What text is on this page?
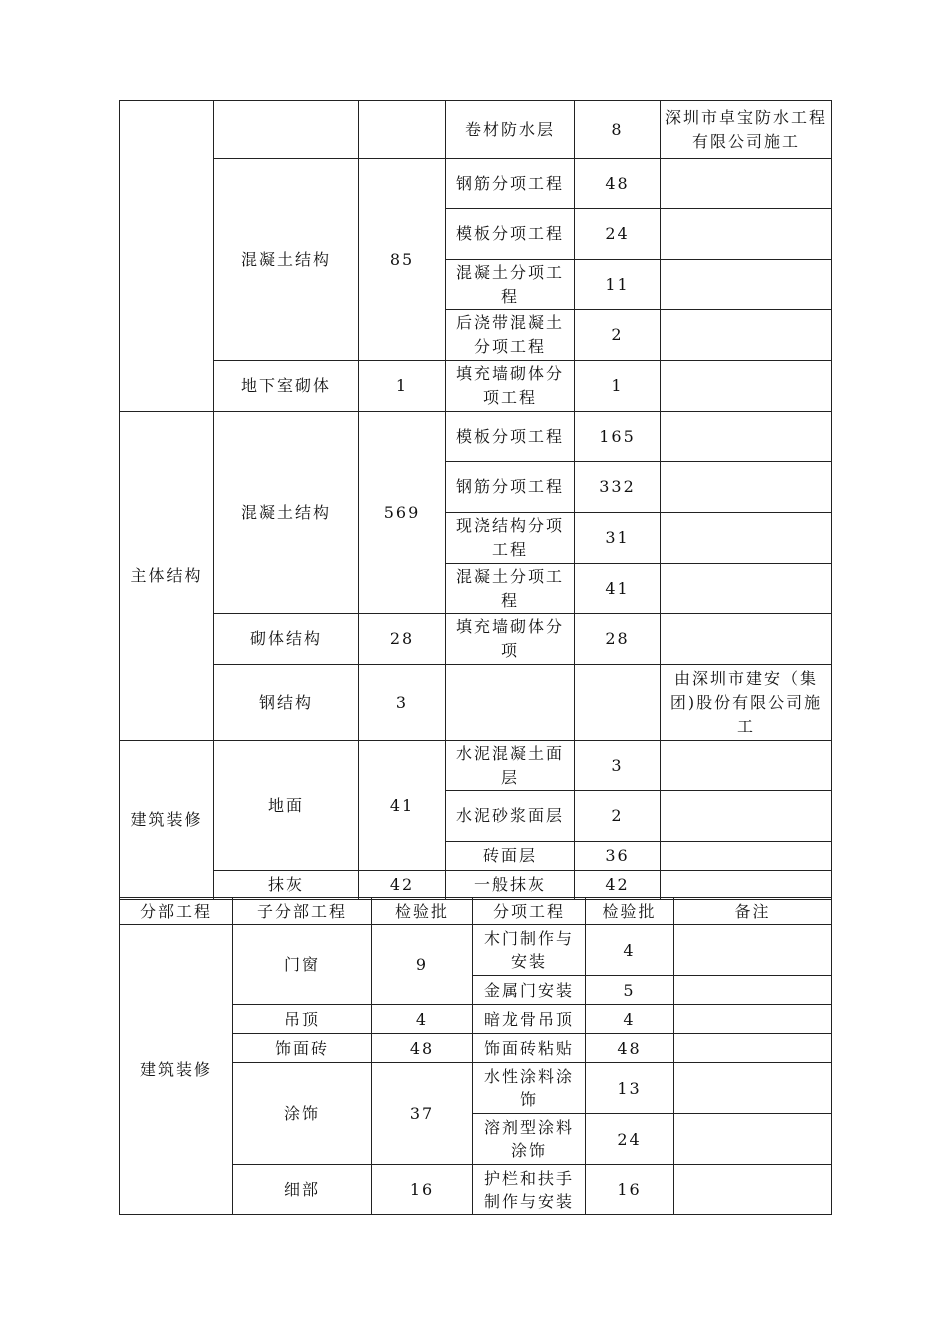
			卷材防水层	8	深圳市卓宝防水工程有限公司施工
	混凝土结构	85	钢筋分项工程	48	
			模板分项工程	24	
			混凝土分项工程	11	
			后浇带混凝土分项工程	2	
	地下室砌体	1	填充墙砌体分项工程	1	
主体结构	混凝土结构	569	模板分项工程	165	
			钢筋分项工程	332	
			现浇结构分项工程	31	
			混凝土分项工程	41	
	砌体结构	28	填充墙砌体分项	28	
	钢结构	3			由深圳市建安（集团)股份有限公司施工
建筑装修	地面	41	水泥混凝土面层	3	
			水泥砂浆面层	2	
			砖面层	36	
	抹灰	42	一般抹灰	42	
分部工程	子分部工程	检验批	分项工程	检验批	备注
建筑装修	门窗	9	木门制作与安装	4	
			金属门安装	5	
	吊顶	4	暗龙骨吊顶	4	
	饰面砖	48	饰面砖粘贴	48	
	涂饰	37	水性涂料涂饰	13	
			溶剂型涂料涂饰	24	
	细部	16	护栏和扶手制作与安装	16	
